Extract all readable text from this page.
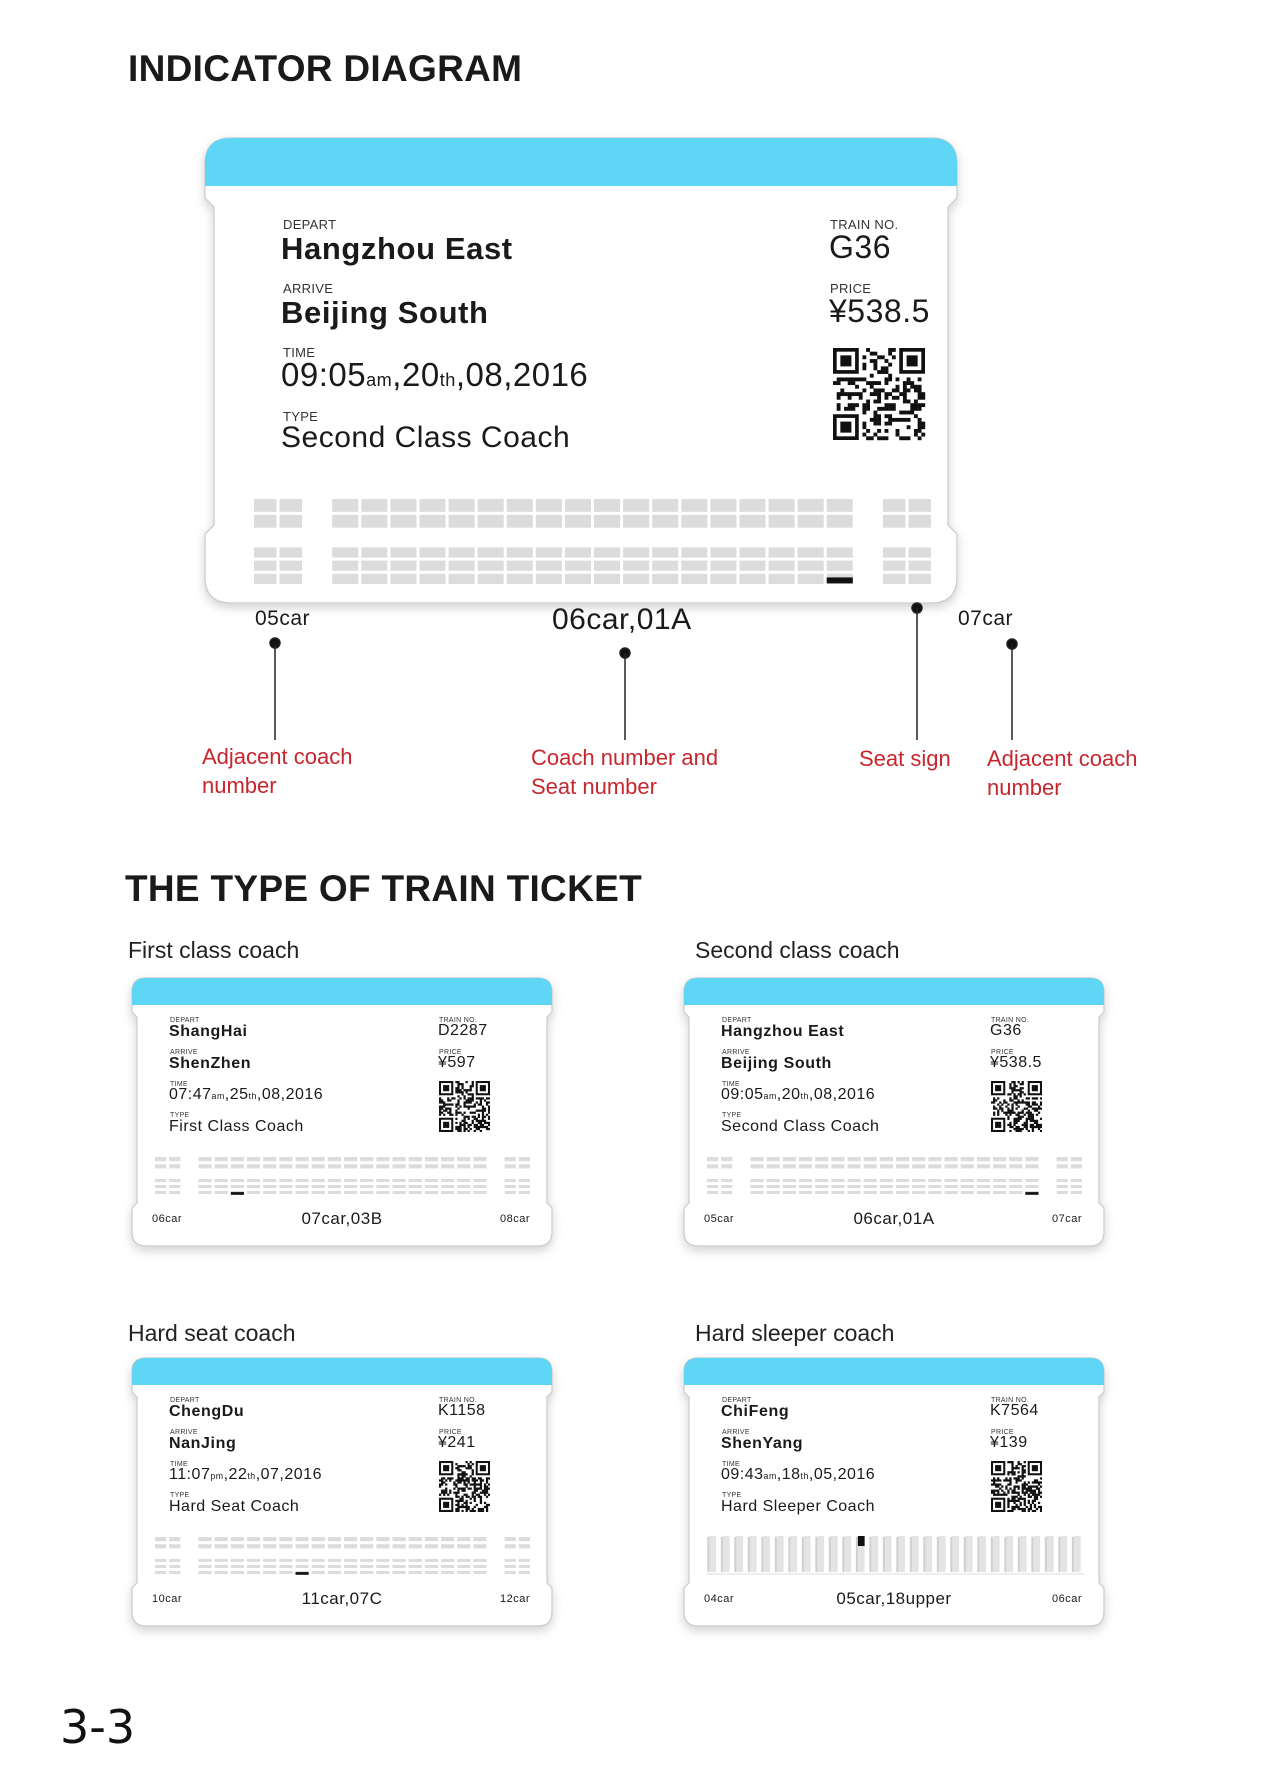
INDICATOR DIAGRAM
THE TYPE OF TRAIN TICKET
DEPART
Hangzhou East
ARRIVE
Beijing South
TIME
09:05am,20th,08,2016
TYPE
Second Class Coach
TRAIN NO.
G36
PRICE
¥538.5
05car	06car,01A	07car
Adjacent coach
number
Coach number and
Seat number
Seat sign Adjacent coach
number
First class coach	Second class coach
Hard seat coach	Hard sleeper coach
DEPART
ShangHai
ARRIVE
ShenZhen
TIME
07:47am,25th,08,2016
TYPE
First Class Coach
TRAIN NO.
D2287
PRICE
¥597
06car	07car,03B	08car
DEPART
Hangzhou East
ARRIVE
Beijing South
TIME
09:05am,20th,08,2016
TYPE
Second Class Coach
TRAIN NO.
G36
PRICE
¥538.5
05car	06car,01A	07car
DEPART
ChengDu
ARRIVE
NanJing
TIME
11:07pm,22th,07,2016
TYPE
Hard Seat Coach
TRAIN NO.
K1158
PRICE
¥241
10car	11car,07C	12car
DEPART
ChiFeng
ARRIVE
ShenYang
TIME
09:43am,18th,05,2016
TYPE
Hard Sleeper Coach
TRAIN NO.
K7564
PRICE
¥139
04car	05car,18upper	06car
3-3
